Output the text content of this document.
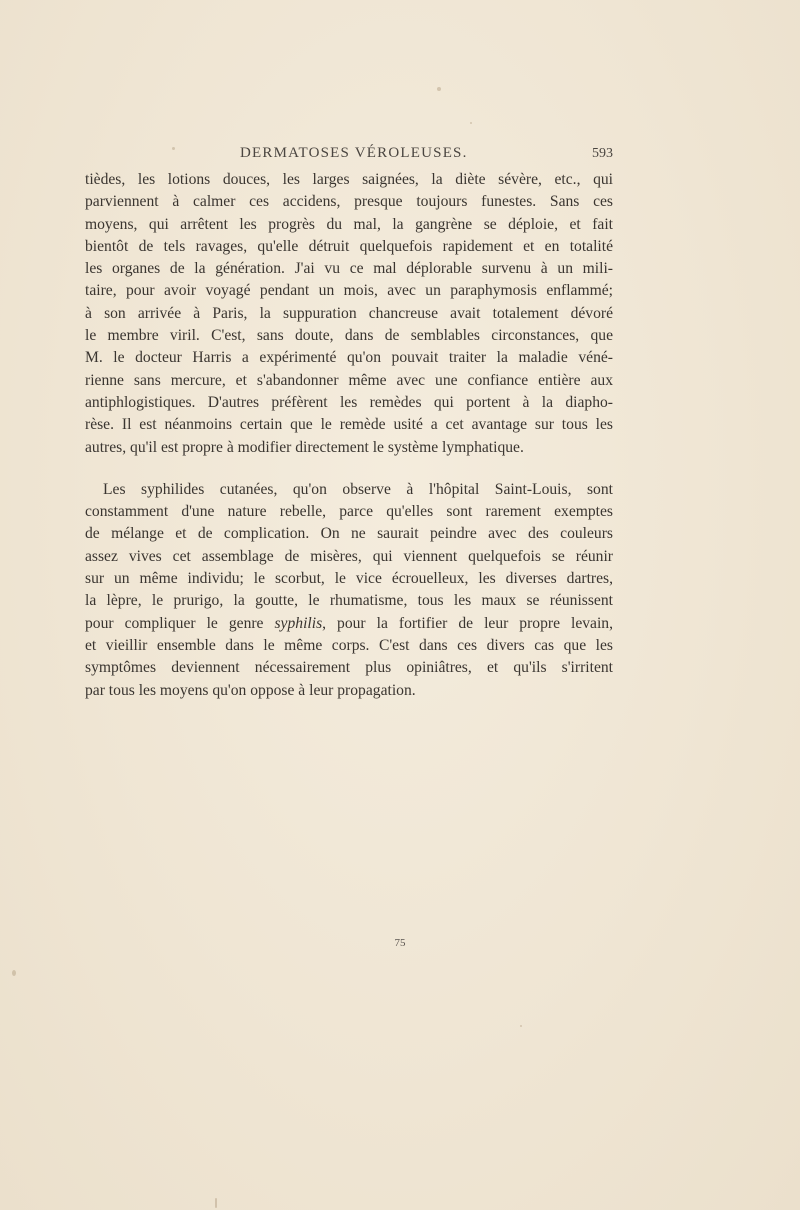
DERMATOSES VÉROLEUSES.	593
tièdes, les lotions douces, les larges saignées, la diète sévère, etc., qui
parviennent à calmer ces accidens, presque toujours funestes. Sans ces
moyens, qui arrêtent les progrès du mal, la gangrène se déploie, et fait
bientôt de tels ravages, qu'elle détruit quelquefois rapidement et en totalité
les organes de la génération. J'ai vu ce mal déplorable survenu à un mili-
taire, pour avoir voyagé pendant un mois, avec un paraphymosis enflammé;
à son arrivée à Paris, la suppuration chancreuse avait totalement dévoré
le membre viril. C'est, sans doute, dans de semblables circonstances, que
M. le docteur Harris a expérimenté qu'on pouvait traiter la maladie véné-
rienne sans mercure, et s'abandonner même avec une confiance entière aux
antiphlogistiques. D'autres préfèrent les remèdes qui portent à la diapho-
rèse. Il est néanmoins certain que le remède usité a cet avantage sur tous les
autres, qu'il est propre à modifier directement le système lymphatique.
Les syphilides cutanées, qu'on observe à l'hôpital Saint-Louis, sont
constamment d'une nature rebelle, parce qu'elles sont rarement exemptes
de mélange et de complication. On ne saurait peindre avec des couleurs
assez vives cet assemblage de misères, qui viennent quelquefois se réunir
sur un même individu; le scorbut, le vice écrouelleux, les diverses dartres,
la lèpre, le prurigo, la goutte, le rhumatisme, tous les maux se réunissent
pour compliquer le genre syphilis, pour la fortifier de leur propre levain,
et vieillir ensemble dans le même corps. C'est dans ces divers cas que les
symptômes deviennent nécessairement plus opiniâtres, et qu'ils s'irritent
par tous les moyens qu'on oppose à leur propagation.
75
